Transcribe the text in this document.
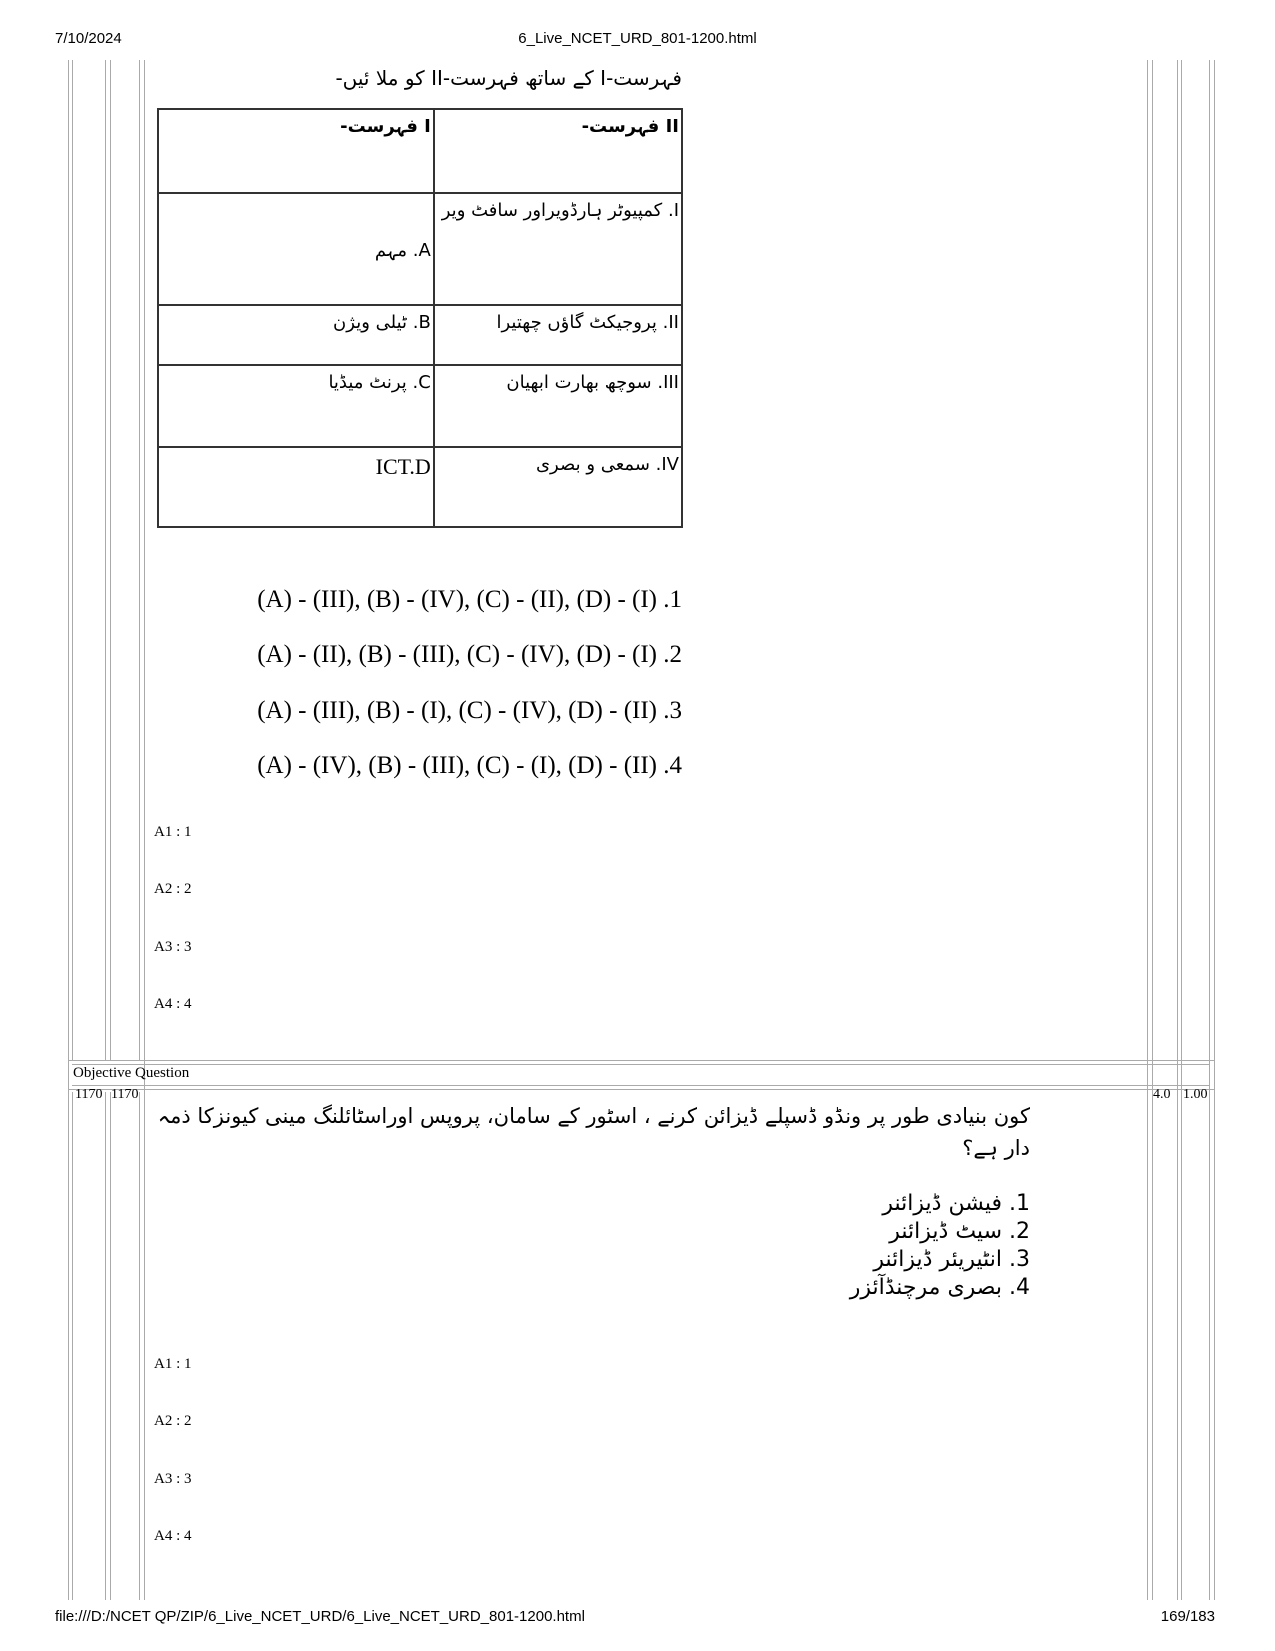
7/10/2024	6_Live_NCET_URD_801-1200.html
file:///D:/NCET QP/ZIP/6_Live_NCET_URD/6_Live_NCET_URD_801-1200.html	169/183
فہرست-I کے ساتھ فہرست-II کو ملا ئیں-
I فہرست-	II فہرست-
A. مہم	I. کمپیوٹر ہارڈویراور سافٹ ویر
B. ٹیلی ویژن	II. پروجیکٹ گاؤں چھتیرا
C. پرنٹ میڈیا	III. سوچھ بھارت ابھیان
ICT.D	IV. سمعی و بصری
(A) - (III), (B) - (IV), (C) - (II), (D) - (I) .1
(A) - (II), (B) - (III), (C) - (IV), (D) - (I) .2
(A) - (III), (B) - (I), (C) - (IV), (D) - (II) .3
(A) - (IV), (B) - (III), (C) - (I), (D) - (II) .4
A1 : 1
A2 : 2
A3 : 3
A4 : 4
Objective Question
1170 1170	4.0 1.00
کون بنیادی طور پر ونڈو ڈسپلے ڈیزائن کرنے ، اسٹور کے سامان، پروپس اوراسٹائلنگ مینی کیونزکا ذمہ دار ہے؟
1. فیشن ڈیزائنر
2. سیٹ ڈیزائنر
3. انٹیریئر ڈیزائنر
4. بصری مرچنڈآئزر
A1 : 1
A2 : 2
A3 : 3
A4 : 4
